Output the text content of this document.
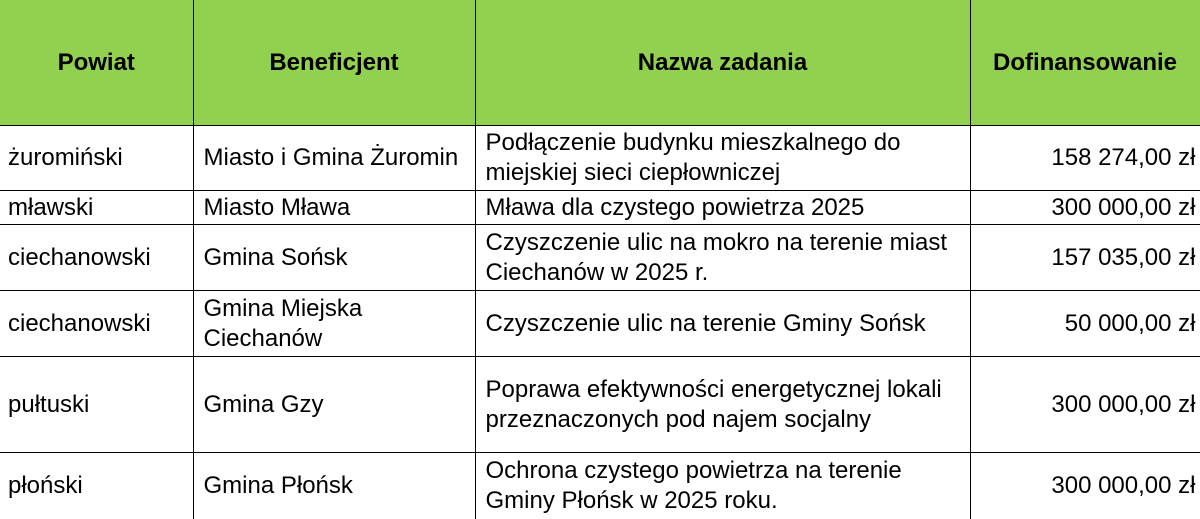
Powiat	Beneficjent	Nazwa zadania	Dofinansowanie
żuromiński	Miasto i Gmina Żuromin	Podłączenie budynku mieszkalnego do miejskiej sieci ciepłowniczej	158 274,00 zł
mławski	Miasto Mława	Mława dla czystego powietrza 2025	300 000,00 zł
ciechanowski	Gmina Sońsk	Czyszczenie ulic na mokro na terenie miast Ciechanów w 2025 r.	157 035,00 zł
ciechanowski	Gmina Miejska Ciechanów	Czyszczenie ulic na terenie Gminy Sońsk	50 000,00 zł
pułtuski	Gmina Gzy	Poprawa efektywności energetycznej lokali przeznaczonych pod najem socjalny	300 000,00 zł
płoński	Gmina Płońsk	Ochrona czystego powietrza na terenie Gminy Płońsk w 2025 roku.	300 000,00 zł
